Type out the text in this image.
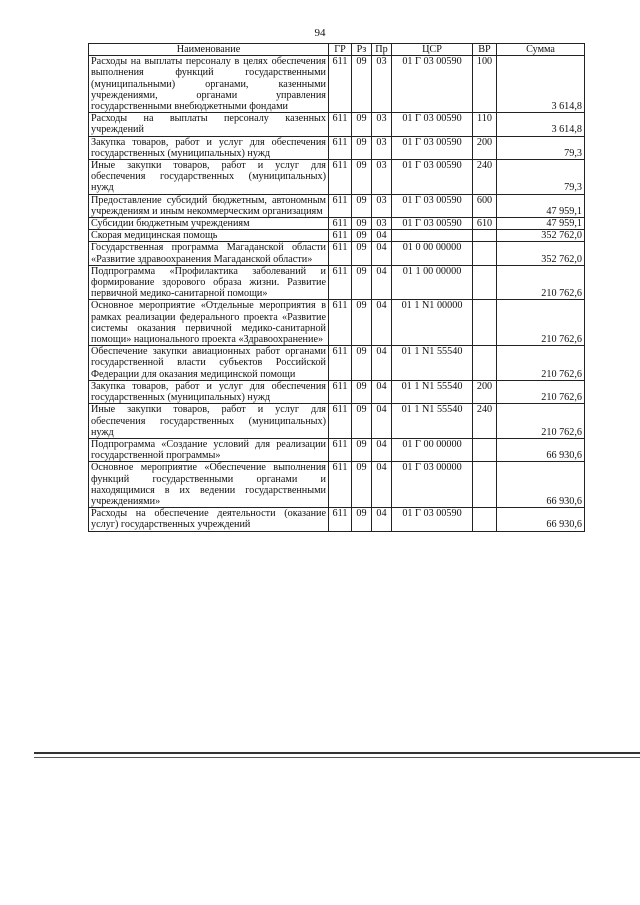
94
Наименование	ГР	Рз	Пр	ЦСР	ВР	Сумма
Расходы на выплаты персоналу в целях обеспечения выполнения функций государственными (муниципальными) органами, казенными учреждениями, органами управления государственными внебюджетными фондами	611	09	03	01 Г 03 00590	100	3 614,8
Расходы на выплаты персоналу казенных учреждений	611	09	03	01 Г 03 00590	110	3 614,8
Закупка товаров, работ и услуг для обеспечения государственных (муниципальных) нужд	611	09	03	01 Г 03 00590	200	79,3
Иные закупки товаров, работ и услуг для обеспечения государственных (муниципальных) нужд	611	09	03	01 Г 03 00590	240	79,3
Предоставление субсидий бюджетным, автономным учреждениям и иным некоммерческим организациям	611	09	03	01 Г 03 00590	600	47 959,1
Субсидии бюджетным учреждениям	611	09	03	01 Г 03 00590	610	47 959,1
Скорая медицинская помощь	611	09	04			352 762,0
Государственная программа Магаданской области «Развитие здравоохранения Магаданской области»	611	09	04	01 0 00 00000		352 762,0
Подпрограмма «Профилактика заболеваний и формирование здорового образа жизни. Развитие первичной медико-санитарной помощи»	611	09	04	01 1 00 00000		210 762,6
Основное мероприятие «Отдельные мероприятия в рамках реализации федерального проекта «Развитие системы оказания первичной медико-санитарной помощи» национального проекта «Здравоохранение»	611	09	04	01 1 N1 00000		210 762,6
Обеспечение закупки авиационных работ органами государственной власти субъектов Российской Федерации для оказания медицинской помощи	611	09	04	01 1 N1 55540		210 762,6
Закупка товаров, работ и услуг для обеспечения государственных (муниципальных) нужд	611	09	04	01 1 N1 55540	200	210 762,6
Иные закупки товаров, работ и услуг для обеспечения государственных (муниципальных) нужд	611	09	04	01 1 N1 55540	240	210 762,6
Подпрограмма «Создание условий для реализации государственной программы»	611	09	04	01 Г 00 00000		66 930,6
Основное мероприятие «Обеспечение выполнения функций государственными органами и находящимися в их ведении государственными учреждениями»	611	09	04	01 Г 03 00000		66 930,6
Расходы на обеспечение деятельности (оказание услуг) государственных учреждений	611	09	04	01 Г 03 00590		66 930,6
